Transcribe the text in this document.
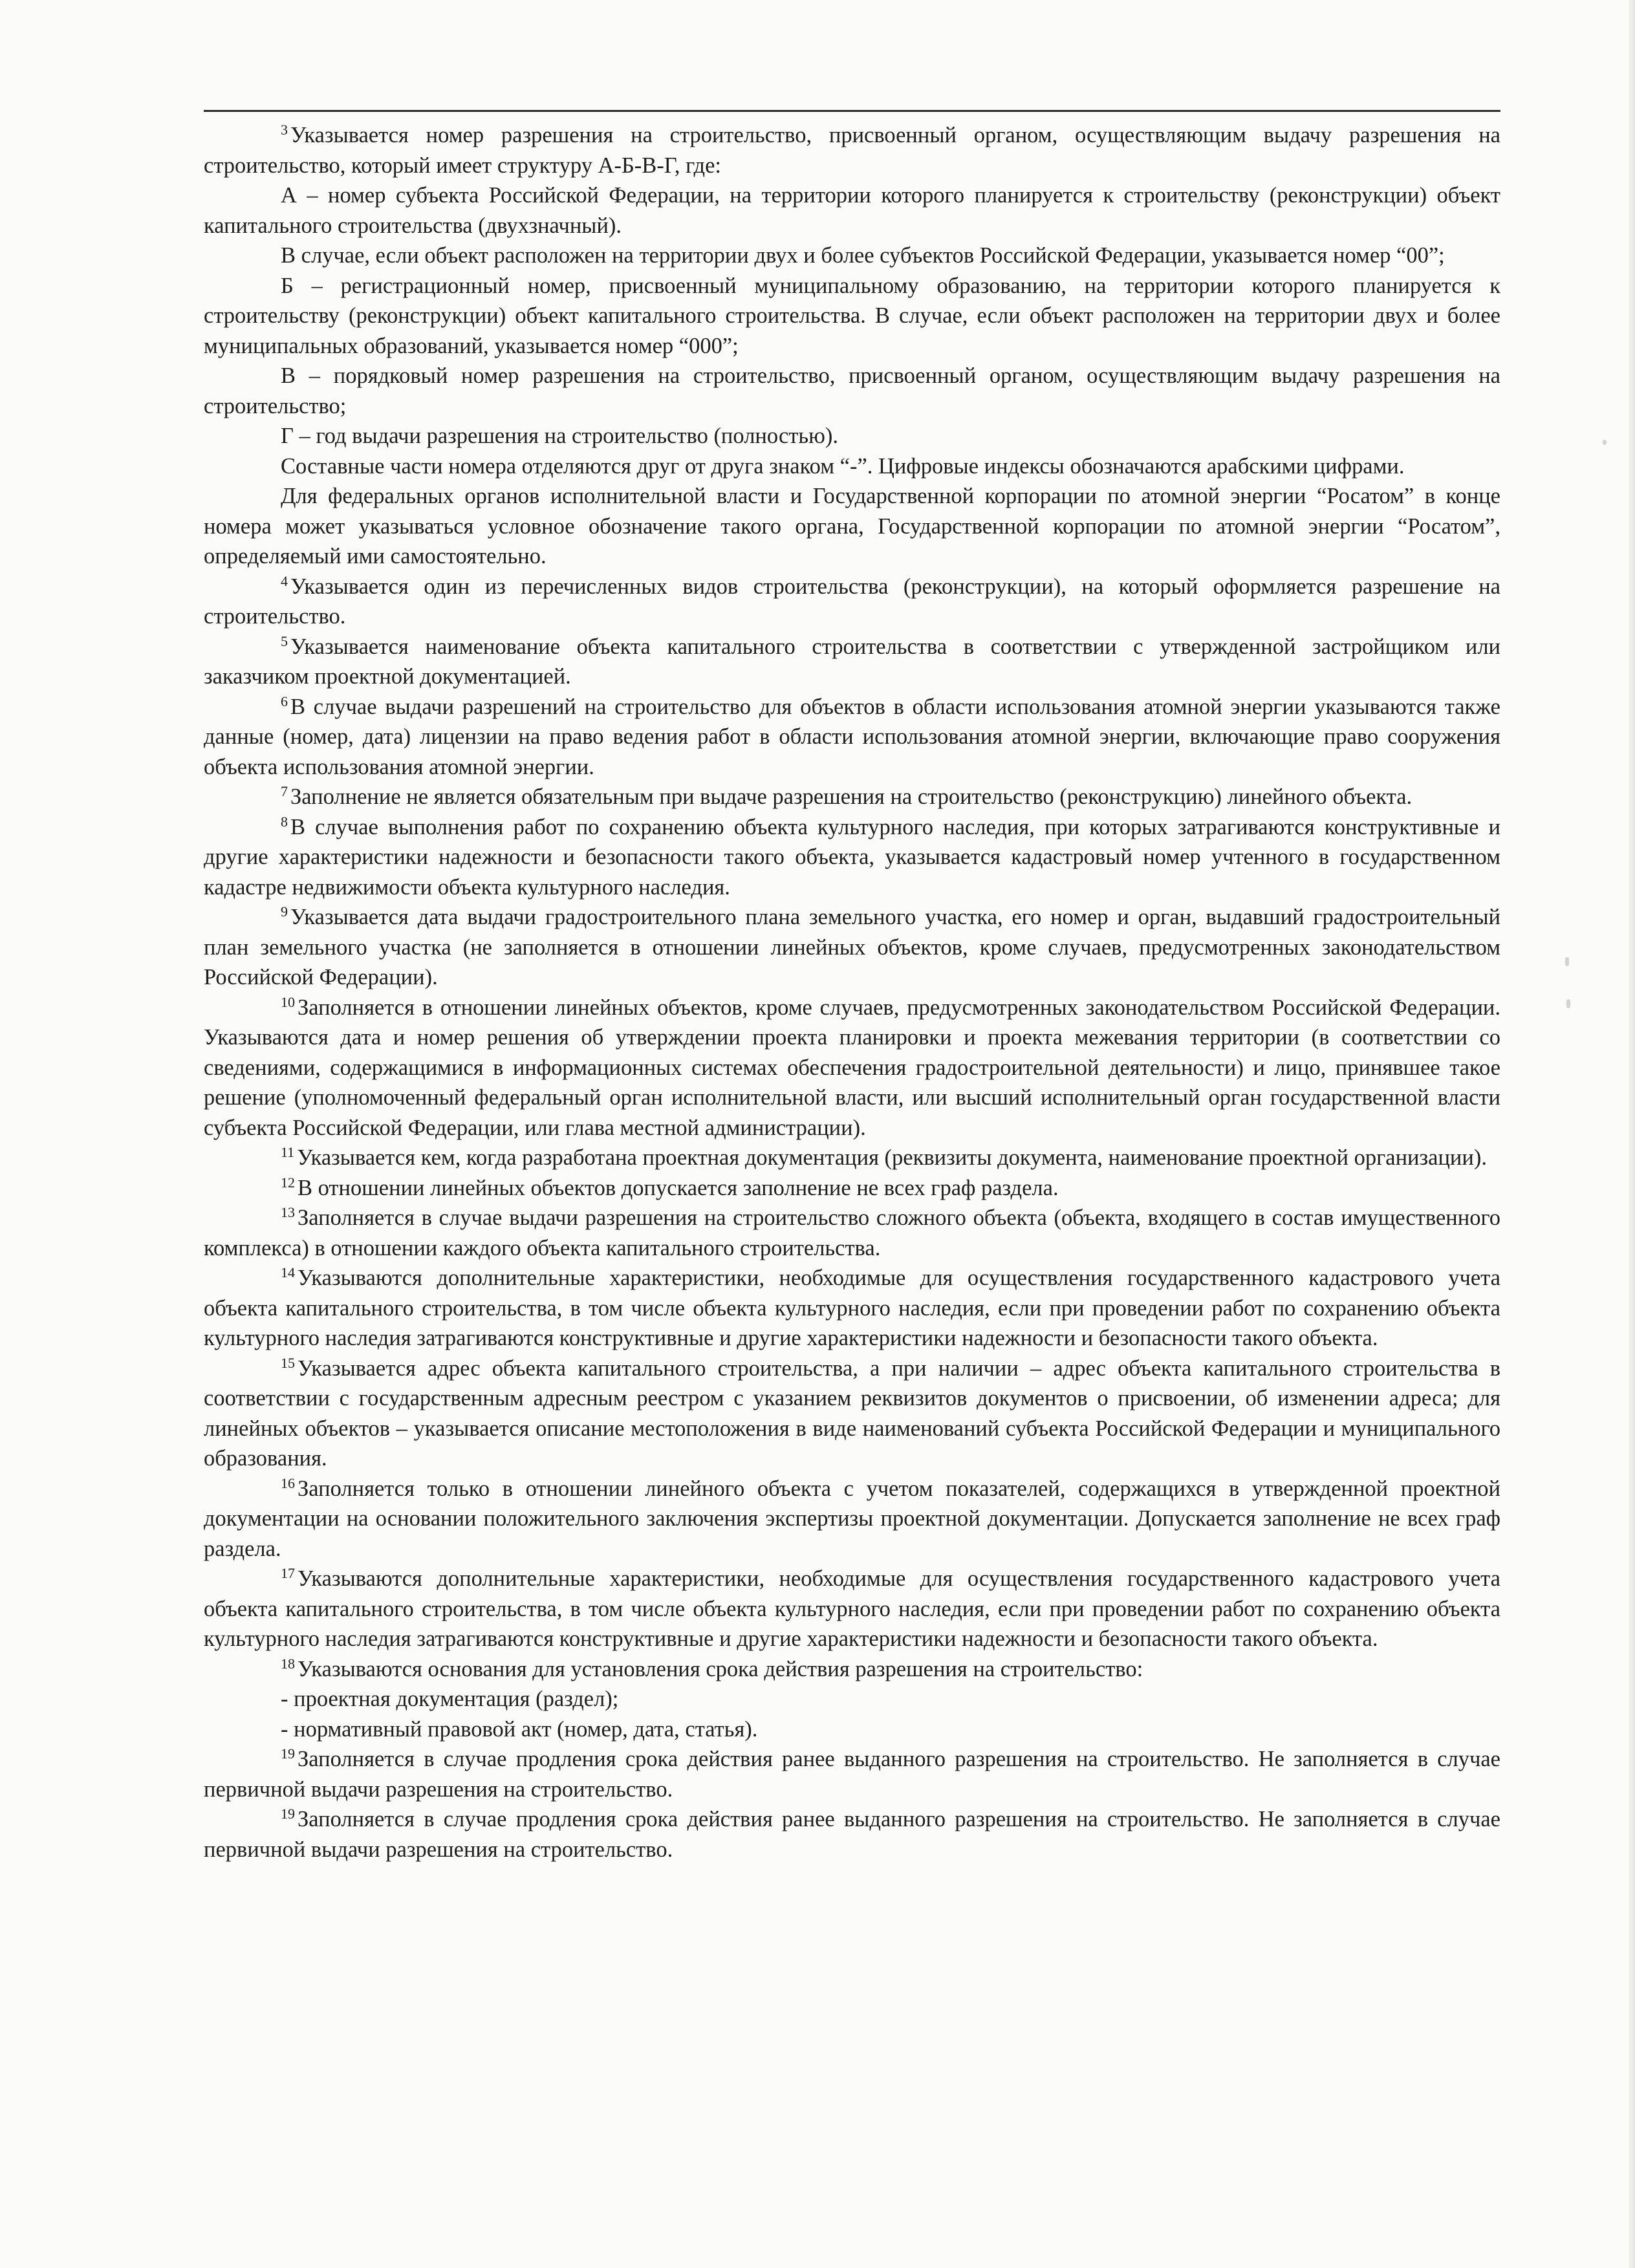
$^3$ Указывается номер разрешения на строительство, присвоенный органом, осуществляющим выдачу разрешения на строительство, который имеет структуру А-Б-В-Г, где:

А – номер субъекта Российской Федерации, на территории которого планируется к строительству (реконструкции) объект капитального строительства (двухзначный).

В случае, если объект расположен на территории двух и более субъектов Российской Федерации, указывается номер “00”;

Б – регистрационный номер, присвоенный муниципальному образованию, на территории которого планируется к строительству (реконструкции) объект капитального строительства. В случае, если объект расположен на территории двух и более муниципальных образований, указывается номер “000”;

В – порядковый номер разрешения на строительство, присвоенный органом, осуществляющим выдачу разрешения на строительство;

Г – год выдачи разрешения на строительство (полностью).

Составные части номера отделяются друг от друга знаком “-”. Цифровые индексы обозначаются арабскими цифрами.

Для федеральных органов исполнительной власти и Государственной корпорации по атомной энергии “Росатом” в конце номера может указываться условное обозначение такого органа, Государственной корпорации по атомной энергии “Росатом”, определяемый ими самостоятельно.

$^4$ Указывается один из перечисленных видов строительства (реконструкции), на который оформляется разрешение на строительство.

$^5$ Указывается наименование объекта капитального строительства в соответствии с утвержденной застройщиком или заказчиком проектной документацией.

$^6$ В случае выдачи разрешений на строительство для объектов в области использования атомной энергии указываются также данные (номер, дата) лицензии на право ведения работ в области использования атомной энергии, включающие право сооружения объекта использования атомной энергии.

$^7$ Заполнение не является обязательным при выдаче разрешения на строительство (реконструкцию) линейного объекта.

$^8$ В случае выполнения работ по сохранению объекта культурного наследия, при которых затрагиваются конструктивные и другие характеристики надежности и безопасности такого объекта, указывается кадастровый номер учтенного в государственном кадастре недвижимости объекта культурного наследия.

$^9$ Указывается дата выдачи градостроительного плана земельного участка, его номер и орган, выдавший градостроительный план земельного участка (не заполняется в отношении линейных объектов, кроме случаев, предусмотренных законодательством Российской Федерации).

$^{10}$ Заполняется в отношении линейных объектов, кроме случаев, предусмотренных законодательством Российской Федерации. Указываются дата и номер решения об утверждении проекта планировки и проекта межевания территории (в соответствии со сведениями, содержащимися в информационных системах обеспечения градостроительной деятельности) и лицо, принявшее такое решение (уполномоченный федеральный орган исполнительной власти, или высший исполнительный орган государственной власти субъекта Российской Федерации, или глава местной администрации).

$^{11}$ Указывается кем, когда разработана проектная документация (реквизиты документа, наименование проектной организации).

$^{12}$ В отношении линейных объектов допускается заполнение не всех граф раздела.

$^{13}$ Заполняется в случае выдачи разрешения на строительство сложного объекта (объекта, входящего в состав имущественного комплекса) в отношении каждого объекта капитального строительства.

$^{14}$ Указываются дополнительные характеристики, необходимые для осуществления государственного кадастрового учета объекта капитального строительства, в том числе объекта культурного наследия, если при проведении работ по сохранению объекта культурного наследия затрагиваются конструктивные и другие характеристики надежности и безопасности такого объекта.

$^{15}$ Указывается адрес объекта капитального строительства, а при наличии – адрес объекта капитального строительства в соответствии с государственным адресным реестром с указанием реквизитов документов о присвоении, об изменении адреса; для линейных объектов – указывается описание местоположения в виде наименований субъекта Российской Федерации и муниципального образования.

$^{16}$ Заполняется только в отношении линейного объекта с учетом показателей, содержащихся в утвержденной проектной документации на основании положительного заключения экспертизы проектной документации. Допускается заполнение не всех граф раздела.

$^{17}$ Указываются дополнительные характеристики, необходимые для осуществления государственного кадастрового учета объекта капитального строительства, в том числе объекта культурного наследия, если при проведении работ по сохранению объекта культурного наследия затрагиваются конструктивные и другие характеристики надежности и безопасности такого объекта.

$^{18}$ Указываются основания для установления срока действия разрешения на строительство:

- проектная документация (раздел);

- нормативный правовой акт (номер, дата, статья).

$^{19}$ Заполняется в случае продления срока действия ранее выданного разрешения на строительство. Не заполняется в случае первичной выдачи разрешения на строительство.

$^{19}$ Заполняется в случае продления срока действия ранее выданного разрешения на строительство. Не заполняется в случае первичной выдачи разрешения на строительство.
